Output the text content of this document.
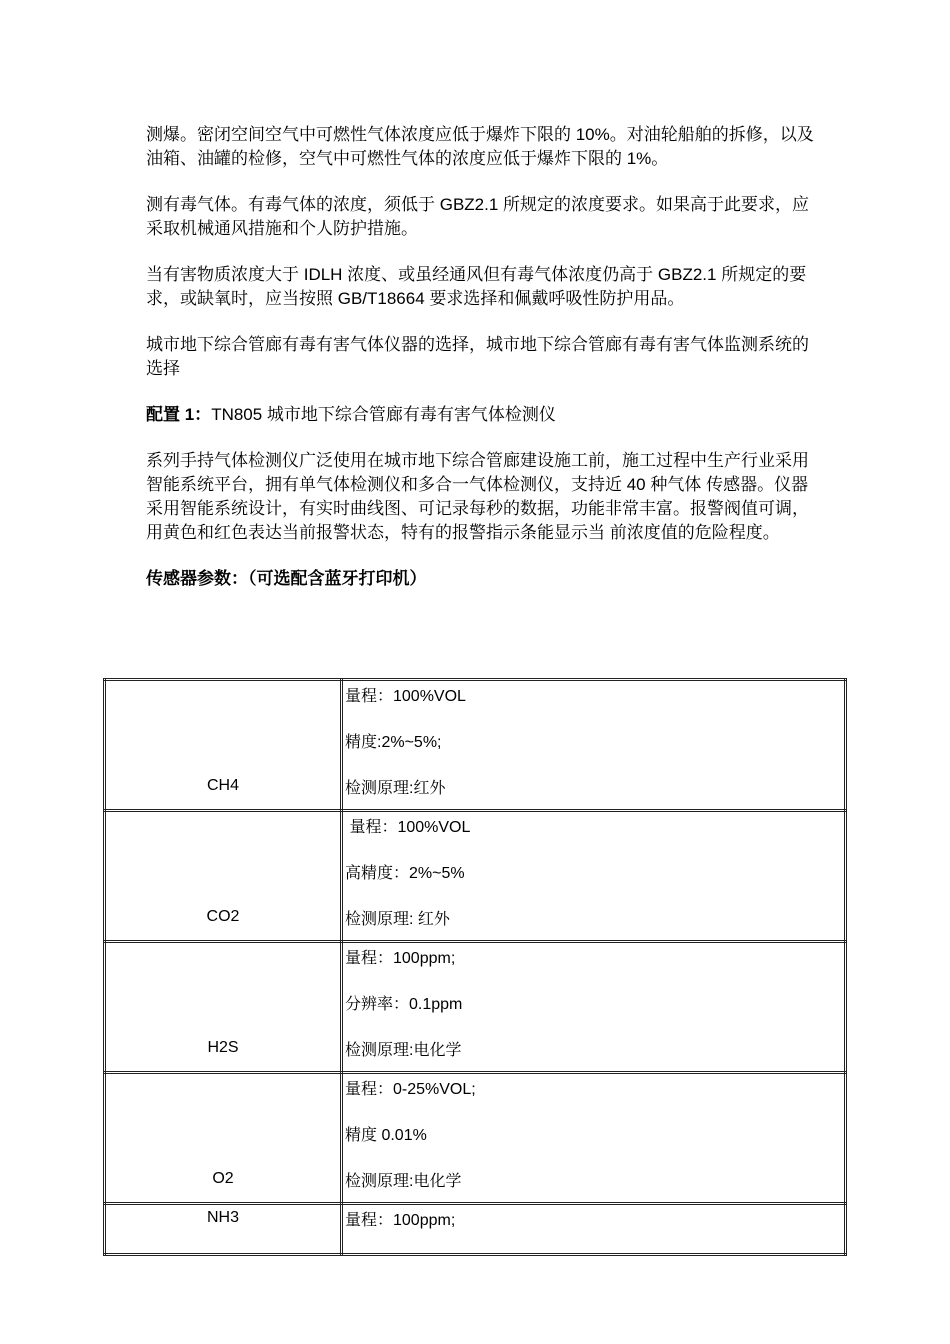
测爆。密闭空间空气中可燃性气体浓度应低于爆炸下限的 10%。对油轮船舶的拆修，以及油箱、油罐的检修，空气中可燃性气体的浓度应低于爆炸下限的 1%。

测有毒气体。有毒气体的浓度，须低于 GBZ2.1 所规定的浓度要求。如果高于此要求，应采取机械通风措施和个人防护措施。

当有害物质浓度大于 IDLH 浓度、或虽经通风但有毒气体浓度仍高于 GBZ2.1 所规定的要求，或缺氧时，应当按照 GB/T18664 要求选择和佩戴呼吸性防护用品。

城市地下综合管廊有毒有害气体仪器的选择，城市地下综合管廊有毒有害气体监测系统的选择

配置 1：TN805 城市地下综合管廊有毒有害气体检测仪

系列手持气体检测仪广泛使用在城市地下综合管廊建设施工前，施工过程中生产行业采用智能系统平台，拥有单气体检测仪和多合一气体检测仪，支持近 40 种气体 传感器。仪器采用智能系统设计，有实时曲线图、可记录每秒的数据，功能非常丰富。报警阀值可调，用黄色和红色表达当前报警状态，特有的报警指示条能显示当 前浓度值的危险程度。

传感器参数：（可选配含蓝牙打印机）

CH4	量程：100%VOL
精度:2%~5%;
检测原理:红外

CO2	量程：100%VOL
高精度：2%~5%
检测原理: 红外

H2S	量程：100ppm;
分辨率：0.1ppm
检测原理:电化学

O2	量程：0-25%VOL;
精度 0.01%
检测原理:电化学

NH3	量程：100ppm;
